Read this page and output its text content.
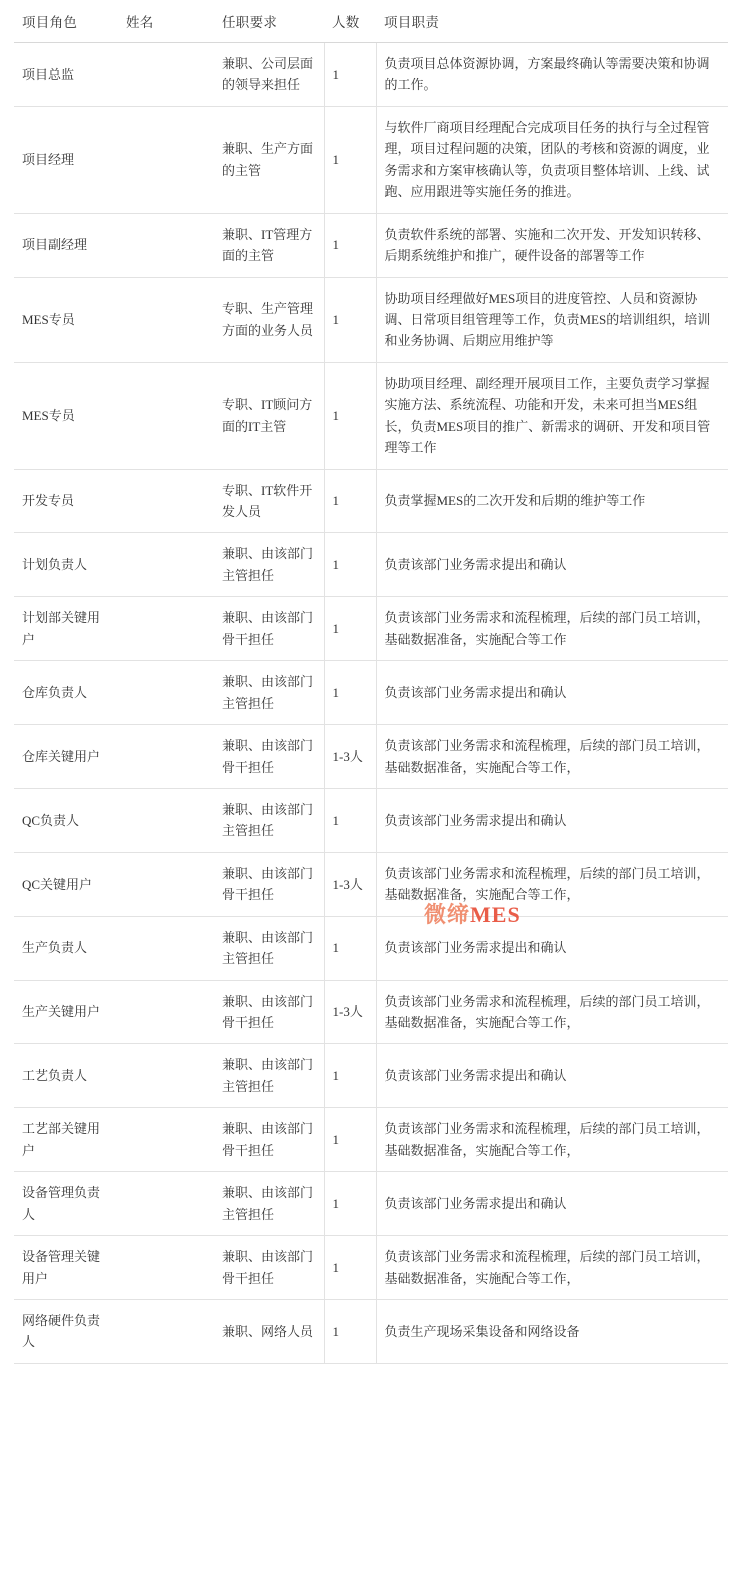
项目角色	姓名	任职要求	人数	项目职责
项目总监		兼职、公司层面的领导来担任	1	负责项目总体资源协调，方案最终确认等需要决策和协调的工作。
项目经理		兼职、生产方面的主管	1	与软件厂商项目经理配合完成项目任务的执行与全过程管理，项目过程问题的决策，团队的考核和资源的调度，业务需求和方案审核确认等，负责项目整体培训、上线、试跑、应用跟进等实施任务的推进。
项目副经理		兼职、IT管理方面的主管	1	负责软件系统的部署、实施和二次开发、开发知识转移、后期系统维护和推广，硬件设备的部署等工作
MES专员		专职、生产管理方面的业务人员	1	协助项目经理做好MES项目的进度管控、人员和资源协调、日常项目组管理等工作，负责MES的培训组织，培训和业务协调、后期应用维护等
MES专员		专职、IT顾问方面的IT主管	1	协助项目经理、副经理开展项目工作，主要负责学习掌握实施方法、系统流程、功能和开发，未来可担当MES组长，负责MES项目的推广、新需求的调研、开发和项目管理等工作
开发专员		专职、IT软件开发人员	1	负责掌握MES的二次开发和后期的维护等工作
计划负责人		兼职、由该部门主管担任	1	负责该部门业务需求提出和确认
计划部关键用户		兼职、由该部门骨干担任	1	负责该部门业务需求和流程梳理，后续的部门员工培训，基础数据准备，实施配合等工作
仓库负责人		兼职、由该部门主管担任	1	负责该部门业务需求提出和确认
仓库关键用户		兼职、由该部门骨干担任	1-3人	负责该部门业务需求和流程梳理，后续的部门员工培训，基础数据准备，实施配合等工作，
QC负责人		兼职、由该部门主管担任	1	负责该部门业务需求提出和确认
QC关键用户		兼职、由该部门骨干担任	1-3人	负责该部门业务需求和流程梳理，后续的部门员工培训，基础数据准备，实施配合等工作，
生产负责人		兼职、由该部门主管担任	1	负责该部门业务需求提出和确认
生产关键用户		兼职、由该部门骨干担任	1-3人	负责该部门业务需求和流程梳理，后续的部门员工培训，基础数据准备，实施配合等工作，
工艺负责人		兼职、由该部门主管担任	1	负责该部门业务需求提出和确认
工艺部关键用户		兼职、由该部门骨干担任	1	负责该部门业务需求和流程梳理，后续的部门员工培训，基础数据准备，实施配合等工作，
设备管理负责人		兼职、由该部门主管担任	1	负责该部门业务需求提出和确认
设备管理关键用户		兼职、由该部门骨干担任	1	负责该部门业务需求和流程梳理，后续的部门员工培训，基础数据准备，实施配合等工作，
网络硬件负责人		兼职、网络人员	1	负责生产现场采集设备和网络设备
微缔MES
